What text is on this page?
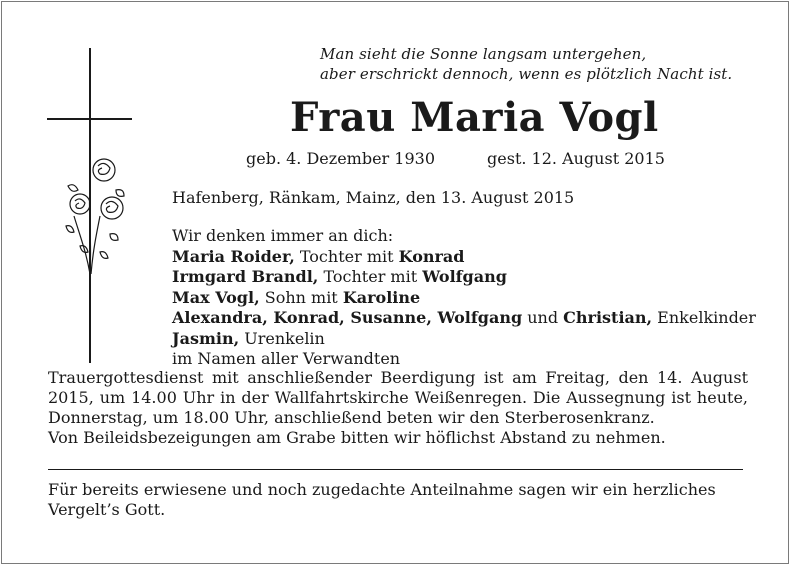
Man sieht die Sonne langsam untergehen,
aber erschrickt dennoch, wenn es plötzlich Nacht ist.
Frau Maria Vogl
geb. 4. Dezember 1930	gest. 12. August 2015
Hafenberg, Ränkam, Mainz, den 13. August 2015
Wir denken immer an dich:
Maria Roider, Tochter mit Konrad
Irmgard Brandl, Tochter mit Wolfgang
Max Vogl, Sohn mit Karoline
Alexandra, Konrad, Susanne, Wolfgang und Christian, Enkelkinder
Jasmin, Urenkelin
im Namen aller Verwandten

Trauergottesdienst mit anschließender Beerdigung ist am Freitag, den 14. August 2015, um 14.00 Uhr in der Wallfahrtskirche Weißenregen. Die Aussegnung ist heute, Donnerstag, um 18.00 Uhr, anschließend beten wir den Sterberosenkranz.

Von Beileidsbezeigungen am Grabe bitten wir höflichst Abstand zu nehmen.

Für bereits erwiesene und noch zugedachte Anteilnahme sagen wir ein herzliches Vergelt’s Gott.
